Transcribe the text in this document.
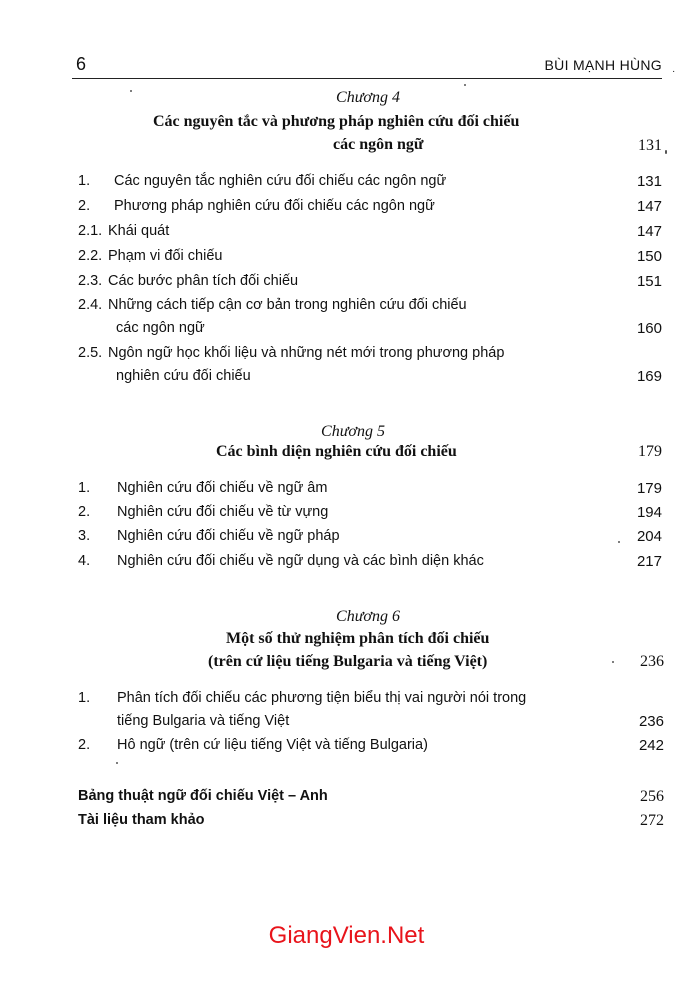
6	BÙI MẠNH HÙNG ·
Chương 4
Các nguyên tắc và phương pháp nghiên cứu đối chiếu
các ngôn ngữ	131
1. Các nguyên tắc nghiên cứu đối chiếu các ngôn ngữ	131
2. Phương pháp nghiên cứu đối chiếu các ngôn ngữ	147
2.1. Khái quát	147
2.2. Phạm vi đối chiếu	150
2.3. Các bước phân tích đối chiếu	151
2.4. Những cách tiếp cận cơ bản trong nghiên cứu đối chiếu
các ngôn ngữ	160
2.5. Ngôn ngữ học khối liệu và những nét mới trong phương pháp
nghiên cứu đối chiếu	169
Chương 5
Các bình diện nghiên cứu đối chiếu	179
1. Nghiên cứu đối chiếu về ngữ âm	179
2. Nghiên cứu đối chiếu về từ vựng	194
3. Nghiên cứu đối chiếu về ngữ pháp	204
4. Nghiên cứu đối chiếu về ngữ dụng và các bình diện khác	217
Chương 6
Một số thử nghiệm phân tích đối chiếu
(trên cứ liệu tiếng Bulgaria và tiếng Việt)	236
1. Phân tích đối chiếu các phương tiện biểu thị vai người nói trong
tiếng Bulgaria và tiếng Việt	236
2. Hô ngữ (trên cứ liệu tiếng Việt và tiếng Bulgaria)	242
Bảng thuật ngữ đối chiếu Việt – Anh	256
Tài liệu tham khảo	272
GiangVien.Net
